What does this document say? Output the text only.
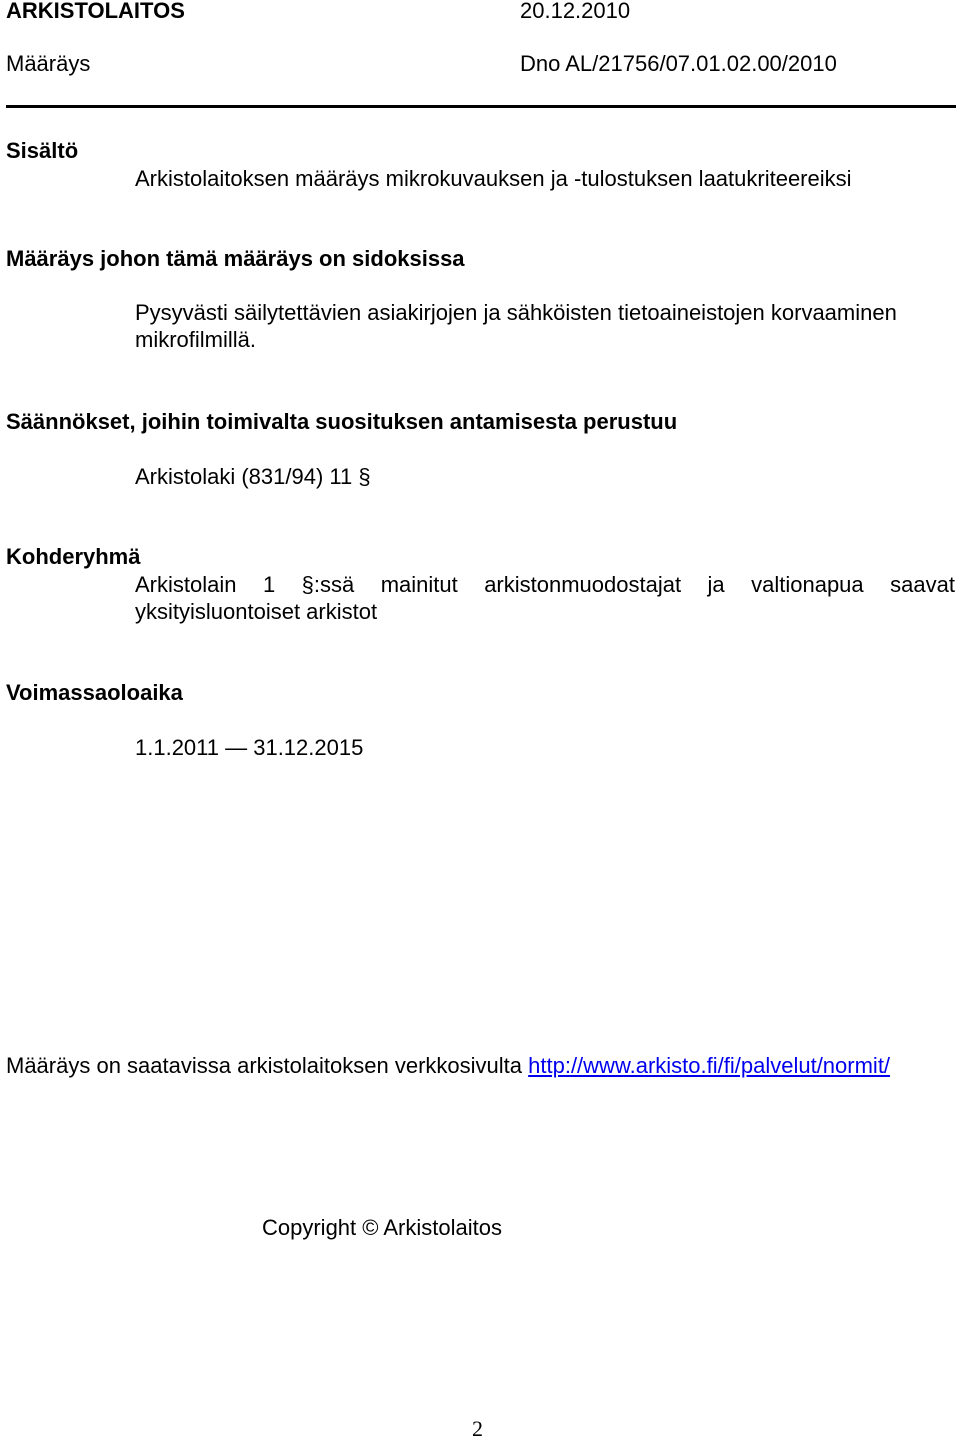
ARKISTOLAITOS	20.12.2010
Määräys	Dno AL/21756/07.01.02.00/2010
Sisältö
Arkistolaitoksen määräys mikrokuvauksen ja -tulostuksen laatukriteereiksi
Määräys johon tämä määräys on sidoksissa
Pysyvästi säilytettävien asiakirjojen ja sähköisten tietoaineistojen korvaaminen
mikrofilmillä.
Säännökset, joihin toimivalta suosituksen antamisesta perustuu
Arkistolaki (831/94) 11 §
Kohderyhmä
Arkistolain 1 §:ssä mainitut arkistonmuodostajat ja valtionapua saavat
yksityisluontoiset arkistot
Voimassaoloaika
1.1.2011 — 31.12.2015
Määräys on saatavissa arkistolaitoksen verkkosivulta http://www.arkisto.fi/fi/palvelut/normit/
Copyright © Arkistolaitos
2
